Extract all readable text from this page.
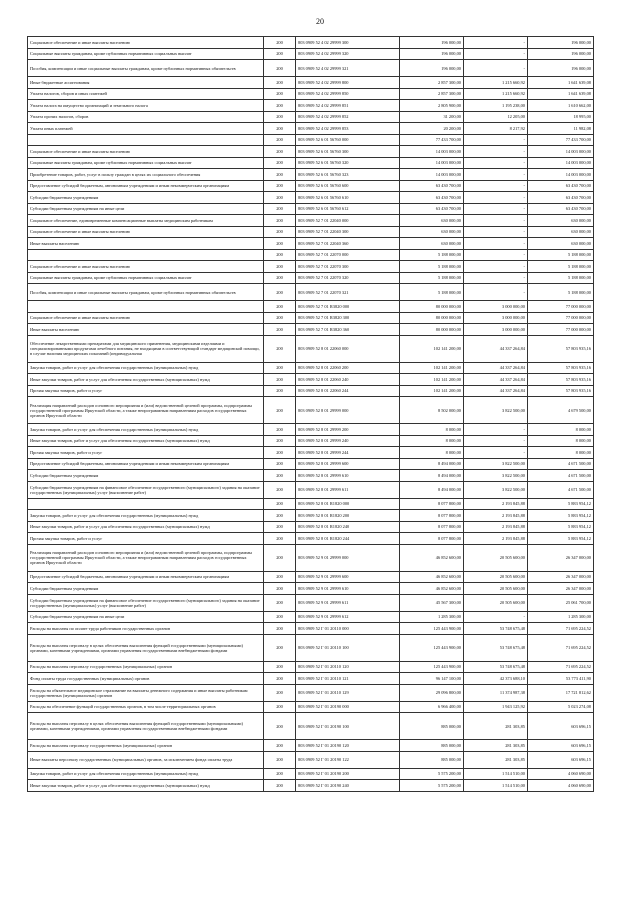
20
Социальное обеспечение и иные выплаты населению	200	803 0909 52 4 02 29999 300	196 000,00	-	196 000,00
Социальные выплаты гражданам, кроме публичных нормативных социальных выплат	200	803 0909 52 4 02 29999 320	196 000,00	-	196 000,00
Пособия, компенсации и иные социальные выплаты гражданам, кроме публичных нормативных обязательств	200	803 0909 52 4 02 29999 321	196 000,00	-	196 000,00
Иные бюджетные ассигнования	200	803 0909 52 4 02 29999 800	2 857 300,00	1 215 660,92	1 641 639,08
Уплата налогов, сборов и иных платежей	200	803 0909 52 4 02 29999 850	2 857 300,00	1 215 660,92	1 641 639,08
Уплата налога на имущество организаций и земельного налога	200	803 0909 52 4 02 29999 851	2 805 900,00	1 195 238,00	1 610 662,00
Уплата прочих налогов, сборов	200	803 0909 52 4 02 29999 852	31 200,00	12 205,00	18 995,00
Уплата иных платежей	200	803 0909 52 4 02 29999 853	20 200,00	8 217,92	11 982,08
	200	803 0909 52 6 01 56760 000	77 433 700,00	-	77 433 700,00
Социальное обеспечение и иные выплаты населению	200	803 0909 52 6 01 56760 300	14 003 000,00	-	14 003 000,00
Социальные выплаты гражданам, кроме публичных нормативных социальных выплат	200	803 0909 52 6 01 56760 320	14 003 000,00	-	14 003 000,00
Приобретение товаров, работ, услуг в пользу граждан в целях их социального обеспечения	200	803 0909 52 6 01 56760 323	14 003 000,00	-	14 003 000,00
Предоставление субсидий бюджетным, автономным учреждениям и иным некоммерческим организациям	200	803 0909 52 6 01 56760 600	63 430 700,00	-	63 430 700,00
Субсидии бюджетным учреждениям	200	803 0909 52 6 01 56760 610	63 430 700,00	-	63 430 700,00
Субсидии бюджетным учреждениям на иные цели	200	803 0909 52 6 01 56760 612	63 430 700,00	-	63 430 700,00
Социальное обеспечение, единовременные компенсационные выплаты медицинским работникам	200	803 0909 52 7 01 22040 000	630 000,00	-	630 000,00
Социальное обеспечение и иные выплаты населению	200	803 0909 52 7 01 22040 300	630 000,00	-	630 000,00
Иные выплаты населению	200	803 0909 52 7 01 22040 360	630 000,00	-	630 000,00
	200	803 0909 52 7 01 22070 000	5 188 000,00	-	5 188 000,00
Социальное обеспечение и иные выплаты населению	200	803 0909 52 7 01 22070 300	5 188 000,00	-	5 188 000,00
Социальные выплаты гражданам, кроме публичных нормативных социальных выплат	200	803 0909 52 7 01 22070 320	5 188 000,00	-	5 188 000,00
Пособия, компенсации и иные социальные выплаты гражданам, кроме публичных нормативных обязательств	200	803 0909 52 7 01 22070 321	5 188 000,00	-	5 188 000,00
	200	803 0909 52 7 01 R3820 000	80 000 000,00	3 000 000,00	77 000 000,00
Социальное обеспечение и иные выплаты населению	200	803 0909 52 7 01 R3820 300	80 000 000,00	3 000 000,00	77 000 000,00
Иные выплаты населению	200	803 0909 52 7 01 R3820 360	80 000 000,00	3 000 000,00	77 000 000,00
Обеспечение лекарственными препаратами для медицинского применения, медицинскими изделиями и специализированными продуктами лечебного питания, не входящими в соответствующий стандарт медицинской помощи, в случае наличия медицинских показаний (индивидуальная	200	803 0909 52 8 01 22060 000	102 141 200,00	44 337 264,84	57 803 935,16
Закупка товаров, работ и услуг для обеспечения государственных (муниципальных) нужд	200	803 0909 52 8 01 22060 200	102 141 200,00	44 337 264,84	57 803 935,16
Иные закупки товаров, работ и услуг для обеспечения государственных (муниципальных) нужд	200	803 0909 52 8 01 22060 240	102 141 200,00	44 337 264,84	57 803 935,16
Прочая закупка товаров, работ и услуг	200	803 0909 52 8 01 22060 244	102 141 200,00	44 337 264,84	57 803 935,16
Реализация направлений расходов основного мероприятия и (или) ведомственной целевой программы, подпрограммы государственной программы Иркутской области, а также непрограммным направлениям расходов государственных органов Иркутской области	200	803 0909 52 8 01 29999 000	8 502 000,00	3 822 500,00	4 679 500,00
Закупка товаров, работ и услуг для обеспечения государственных (муниципальных) нужд	200	803 0909 52 8 01 29999 200	8 000,00	-	8 000,00
Иные закупки товаров, работ и услуг для обеспечения государственных (муниципальных) нужд	200	803 0909 52 8 01 29999 240	8 000,00	-	8 000,00
Прочая закупка товаров, работ и услуг	200	803 0909 52 8 01 29999 244	8 000,00	-	8 000,00
Предоставление субсидий бюджетным, автономным учреждениям и иным некоммерческим организациям	200	803 0909 52 8 01 29999 600	8 494 000,00	3 822 500,00	4 671 500,00
Субсидии бюджетным учреждениям	200	803 0909 52 8 01 29999 610	8 494 000,00	3 822 500,00	4 671 500,00
Субсидии бюджетным учреждениям на финансовое обеспечение государственного (муниципального) задания на оказание государственных (муниципальных) услуг (выполнение работ)	200	803 0909 52 8 01 29999 611	8 494 000,00	3 822 500,00	4 671 500,00
	200	803 0909 52 8 01 R1820 000	8 077 800,00	2 193 845,88	5 883 954,12
Закупка товаров, работ и услуг для обеспечения государственных (муниципальных) нужд	200	803 0909 52 8 01 R1820 200	8 077 800,00	2 193 845,88	5 883 954,12
Иные закупки товаров, работ и услуг для обеспечения государственных (муниципальных) нужд	200	803 0909 52 8 01 R1820 240	8 077 800,00	2 193 845,88	5 883 954,12
Прочая закупка товаров, работ и услуг	200	803 0909 52 8 01 R1820 244	8 077 800,00	2 193 845,88	5 883 954,12
Реализация направлений расходов основного мероприятия и (или) ведомственной целевой программы, подпрограммы государственной программы Иркутской области, а также непрограммным направлениям расходов государственных органов Иркутской области	200	803 0909 52 9 01 29999 000	46 852 600,00	20 505 600,00	26 347 000,00
Предоставление субсидий бюджетным, автономным учреждениям и иным некоммерческим организациям	200	803 0909 52 9 01 29999 600	46 852 600,00	20 505 600,00	26 347 000,00
Субсидии бюджетным учреждениям	200	803 0909 52 9 01 29999 610	46 852 600,00	20 505 600,00	26 347 000,00
Субсидии бюджетным учреждениям на финансовое обеспечение государственного (муниципального) задания на оказание государственных (муниципальных) услуг (выполнение работ)	200	803 0909 52 9 01 29999 611	45 567 300,00	20 505 600,00	25 061 700,00
Субсидии бюджетным учреждениям на иные цели	200	803 0909 52 9 01 29999 612	1 285 300,00	-	1 285 300,00
Расходы на выплаты по оплате труда работников государственных органов	200	803 0909 52 Г 01 20110 000	125 443 900,00	53 748 675,48	71 695 224,52
Расходы на выплаты персоналу в целях обеспечения выполнения функций государственными (муниципальными) органами, казенными учреждениями, органами управления государственными внебюджетными фондами	200	803 0909 52 Г 01 20110 100	125 443 900,00	53 748 675,48	71 695 224,52
Расходы на выплаты персоналу государственных (муниципальных) органов	200	803 0909 52 Г 01 20110 120	125 443 900,00	53 748 675,48	71 695 224,52
Фонд оплаты труда государственных (муниципальных) органов	200	803 0909 52 Г 01 20110 121	96 147 100,00	42 373 688,10	53 773 411,90
Расходы на обязательное медицинское страхование на выплаты денежного содержания и иные выплаты работникам государственных (муниципальных) органов	200	803 0909 52 Г 01 20110 129	29 096 800,00	11 374 987,38	17 721 812,62
Расходы на обеспечение функций государственных органов, в том числе территориальных органов	200	803 0909 52 Г 01 20190 000	6 966 400,00	1 943 125,92	5 023 274,08
Расходы на выплаты персоналу в целях обеспечения выполнения функций государственными (муниципальными) органами, казенными учреждениями, органами управления государственными внебюджетными фондами	200	803 0909 52 Г 01 20190 100	885 000,00	281 303,85	603 696,15
Расходы на выплаты персоналу государственных (муниципальных) органов	200	803 0909 52 Г 01 20190 120	885 000,00	281 303,85	603 696,15
Иные выплаты персоналу государственных (муниципальных) органов, за исключением фонда оплаты труда	200	803 0909 52 Г 01 20190 122	885 000,00	281 303,85	603 696,15
Закупка товаров, работ и услуг для обеспечения государственных (муниципальных) нужд	200	803 0909 52 Г 01 20190 200	5 575 200,00	1 514 510,00	4 060 690,00
Иные закупки товаров, работ и услуг для обеспечения государственных (муниципальных) нужд	200	803 0909 52 Г 01 20190 240	5 575 200,00	1 514 510,00	4 060 690,00
